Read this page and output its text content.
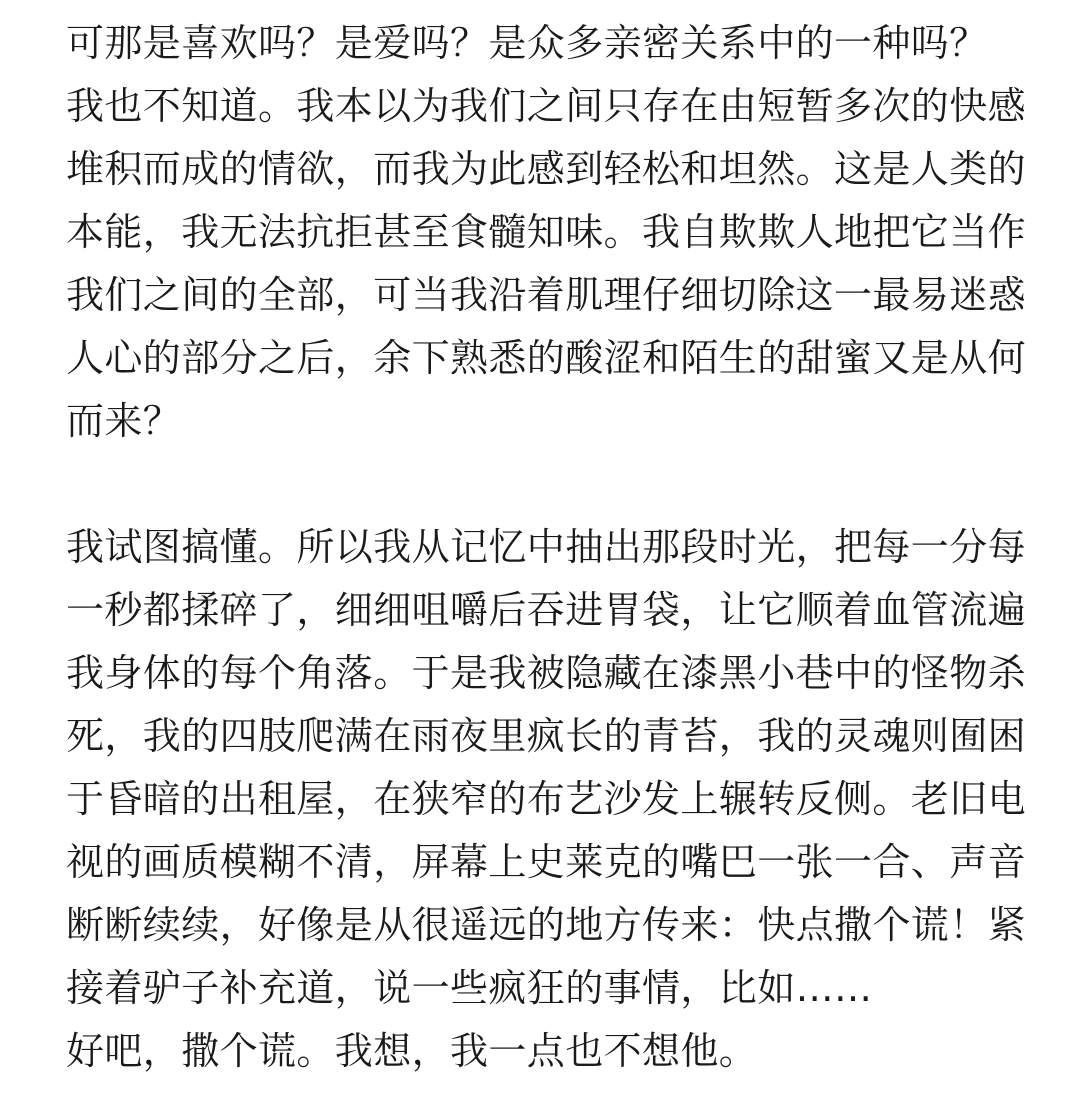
可那是喜欢吗？是爱吗？是众多亲密关系中的一种吗？
我也不知道。我本以为我们之间只存在由短暂多次的快感
堆积而成的情欲，而我为此感到轻松和坦然。这是人类的
本能，我无法抗拒甚至食髓知味。我自欺欺人地把它当作
我们之间的全部，可当我沿着肌理仔细切除这一最易迷惑
人心的部分之后，余下熟悉的酸涩和陌生的甜蜜又是从何
而来？
我试图搞懂。所以我从记忆中抽出那段时光，把每一分每
一秒都揉碎了，细细咀嚼后吞进胃袋，让它顺着血管流遍
我身体的每个角落。于是我被隐藏在漆黑小巷中的怪物杀
死，我的四肢爬满在雨夜里疯长的青苔，我的灵魂则囿困
于昏暗的出租屋，在狭窄的布艺沙发上辗转反侧。老旧电
视的画质模糊不清，屏幕上史莱克的嘴巴一张一合、声音
断断续续，好像是从很遥远的地方传来：快点撒个谎！紧
接着驴子补充道，说一些疯狂的事情，比如……
好吧，撒个谎。我想，我一点也不想他。
